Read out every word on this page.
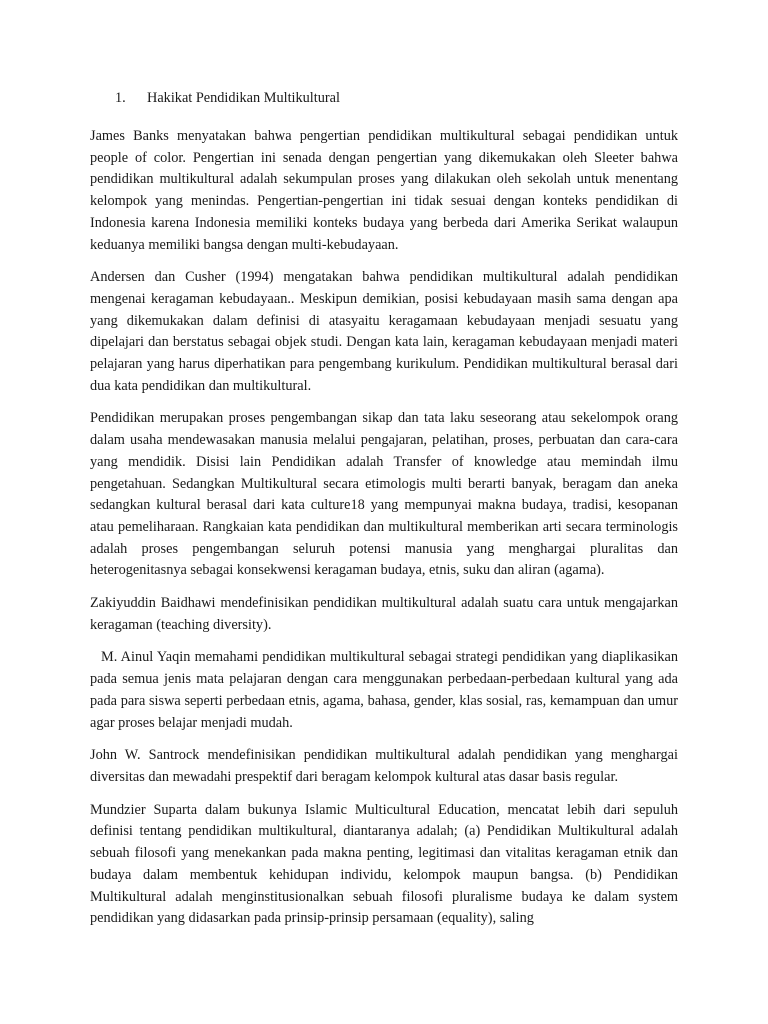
1. Hakikat Pendidikan Multikultural

James Banks menyatakan bahwa pengertian pendidikan multikultural sebagai pendidikan untuk people of color. Pengertian ini senada dengan pengertian yang dikemukakan oleh Sleeter bahwa pendidikan multikultural adalah sekumpulan proses yang dilakukan oleh sekolah untuk menentang kelompok yang menindas. Pengertian-pengertian ini tidak sesuai dengan konteks pendidikan di Indonesia karena Indonesia memiliki konteks budaya yang berbeda dari Amerika Serikat walaupun keduanya memiliki bangsa dengan multi-kebudayaan.

Andersen dan Cusher (1994) mengatakan bahwa pendidikan multikultural adalah pendidikan mengenai keragaman kebudayaan.. Meskipun demikian, posisi kebudayaan masih sama dengan apa yang dikemukakan dalam definisi di atasyaitu keragamaan kebudayaan menjadi sesuatu yang dipelajari dan berstatus sebagai objek studi. Dengan kata lain, keragaman kebudayaan menjadi materi pelajaran yang harus diperhatikan para pengembang kurikulum. Pendidikan multikultural berasal dari dua kata pendidikan dan multikultural.

Pendidikan merupakan proses pengembangan sikap dan tata laku seseorang atau sekelompok orang dalam usaha mendewasakan manusia melalui pengajaran, pelatihan, proses, perbuatan dan cara-cara yang mendidik. Disisi lain Pendidikan adalah Transfer of knowledge atau memindah ilmu pengetahuan. Sedangkan Multikultural secara etimologis multi berarti banyak, beragam dan aneka sedangkan kultural berasal dari kata culture18 yang mempunyai makna budaya, tradisi, kesopanan atau pemeliharaan. Rangkaian kata pendidikan dan multikultural memberikan arti secara terminologis adalah proses pengembangan seluruh potensi manusia yang menghargai pluralitas dan heterogenitasnya sebagai konsekwensi keragaman budaya, etnis, suku dan aliran (agama).

Zakiyuddin Baidhawi mendefinisikan pendidikan multikultural adalah suatu cara untuk mengajarkan keragaman (teaching diversity).

M. Ainul Yaqin memahami pendidikan multikultural sebagai strategi pendidikan yang diaplikasikan pada semua jenis mata pelajaran dengan cara menggunakan perbedaan-perbedaan kultural yang ada pada para siswa seperti perbedaan etnis, agama, bahasa, gender, klas sosial, ras, kemampuan dan umur agar proses belajar menjadi mudah.

John W. Santrock mendefinisikan pendidikan multikultural adalah pendidikan yang menghargai diversitas dan mewadahi prespektif dari beragam kelompok kultural atas dasar basis regular.

Mundzier Suparta dalam bukunya Islamic Multicultural Education, mencatat lebih dari sepuluh definisi tentang pendidikan multikultural, diantaranya adalah; (a) Pendidikan Multikultural adalah sebuah filosofi yang menekankan pada makna penting, legitimasi dan vitalitas keragaman etnik dan budaya dalam membentuk kehidupan individu, kelompok maupun bangsa. (b) Pendidikan Multikultural adalah menginstitusionalkan sebuah filosofi pluralisme budaya ke dalam system pendidikan yang didasarkan pada prinsip-prinsip persamaan (equality), saling
